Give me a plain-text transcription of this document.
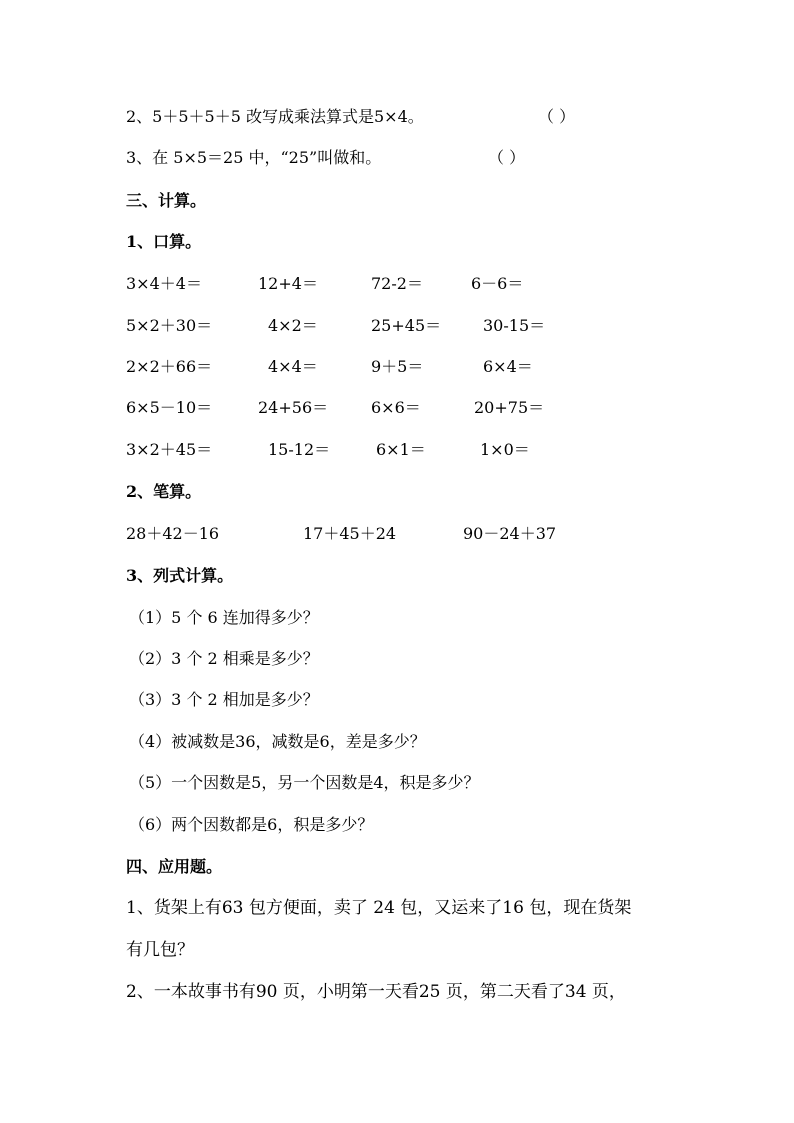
2、5＋5＋5＋5 改写成乘法算式是5×4。	（ ）
3、在 5×5＝25 中，“25”叫做和。	（ ）
三、计算。
1、口算。
3×4＋4＝	12+4＝	72-2＝	6－6＝
5×2＋30＝	4×2＝	25+45＝	30-15＝
2×2＋66＝	4×4＝	9＋5＝	6×4＝
6×5－10＝	24+56＝	6×6＝	20+75＝
3×2＋45＝	15-12＝	6×1＝	1×0＝
2、笔算。
28＋42－16	17＋45＋24	90－24＋37
3、列式计算。
（1）5 个 6 连加得多少？
（2）3 个 2 相乘是多少？
（3）3 个 2 相加是多少？
（4）被减数是36，减数是6，差是多少？
（5）一个因数是5，另一个因数是4，积是多少？
（6）两个因数都是6，积是多少？
四、应用题。
1、货架上有63 包方便面，卖了 24 包，又运来了16 包，现在货架
有几包？
2、一本故事书有90 页，小明第一天看25 页，第二天看了34 页，
